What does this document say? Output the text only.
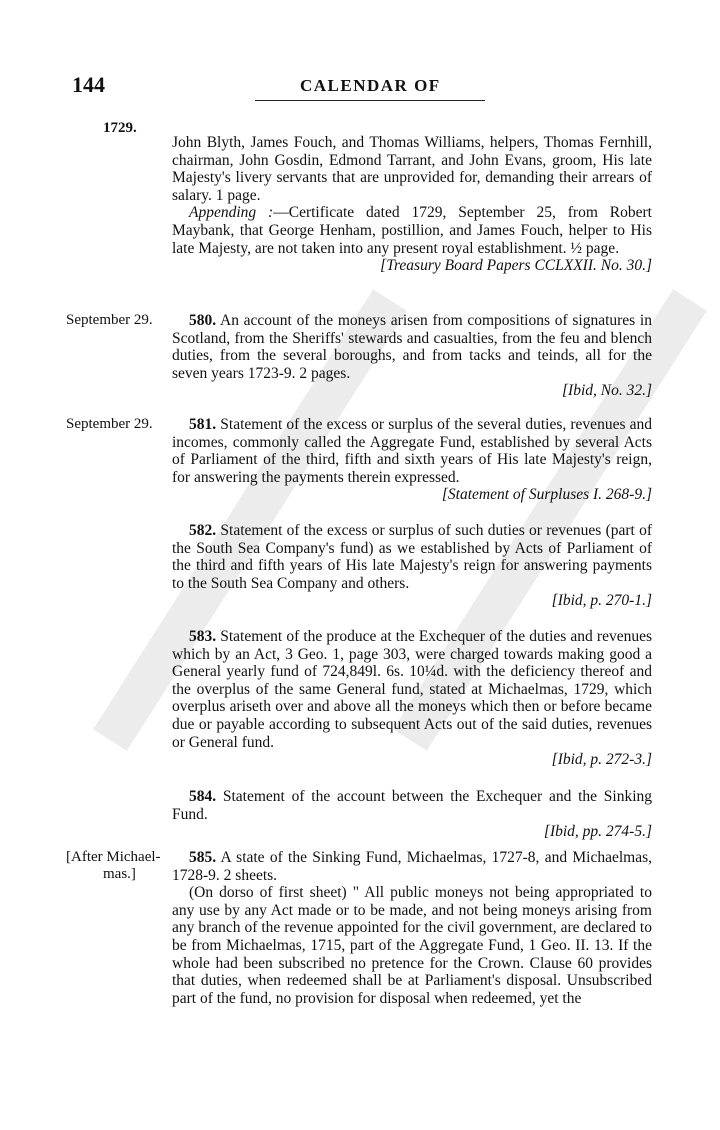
144	CALENDAR OF
1729.

John Blyth, James Fouch, and Thomas Williams, helpers, Thomas Fernhill, chairman, John Gosdin, Edmond Tarrant, and John Evans, groom, His late Majesty's livery servants that are unprovided for, demanding their arrears of salary. 1 page.

Appending :—Certificate dated 1729, September 25, from Robert Maybank, that George Henham, postillion, and James Fouch, helper to His late Majesty, are not taken into any present royal establishment. ½ page.

[Treasury Board Papers CCLXXII. No. 30.]
September 29.	580. An account of the moneys arisen from compositions of signatures in Scotland, from the Sheriffs' stewards and casualties, from the feu and blench duties, from the several boroughs, and from tacks and teinds, all for the seven years 1723-9. 2 pages.

[Ibid, No. 32.]
September 29.	581. Statement of the excess or surplus of the several duties, revenues and incomes, commonly called the Aggregate Fund, established by several Acts of Parliament of the third, fifth and sixth years of His late Majesty's reign, for answering the payments therein expressed.

[Statement of Surpluses I. 268-9.]

582. Statement of the excess or surplus of such duties or revenues (part of the South Sea Company's fund) as we established by Acts of Parliament of the third and fifth years of His late Majesty's reign for answering payments to the South Sea Company and others.

[Ibid, p. 270-1.]

583. Statement of the produce at the Exchequer of the duties and revenues which by an Act, 3 Geo. 1, page 303, were charged towards making good a General yearly fund of 724,849l. 6s. 10¼d. with the deficiency thereof and the overplus of the same General fund, stated at Michaelmas, 1729, which overplus ariseth over and above all the moneys which then or before became due or payable according to subsequent Acts out of the said duties, revenues or General fund.

[Ibid, p. 272-3.]

584. Statement of the account between the Exchequer and the Sinking Fund.

[Ibid, pp. 274-5.]
[After Michael-
mas.]

585. A state of the Sinking Fund, Michaelmas, 1727-8, and Michaelmas, 1728-9. 2 sheets.

(On dorso of first sheet) " All public moneys not being appropriated to any use by any Act made or to be made, and not being moneys arising from any branch of the revenue appointed for the civil government, are declared to be from Michaelmas, 1715, part of the Aggregate Fund, 1 Geo. II. 13. If the whole had been subscribed no pretence for the Crown. Clause 60 provides that duties, when redeemed shall be at Parliament's disposal. Unsubscribed part of the fund, no provision for disposal when redeemed, yet the
